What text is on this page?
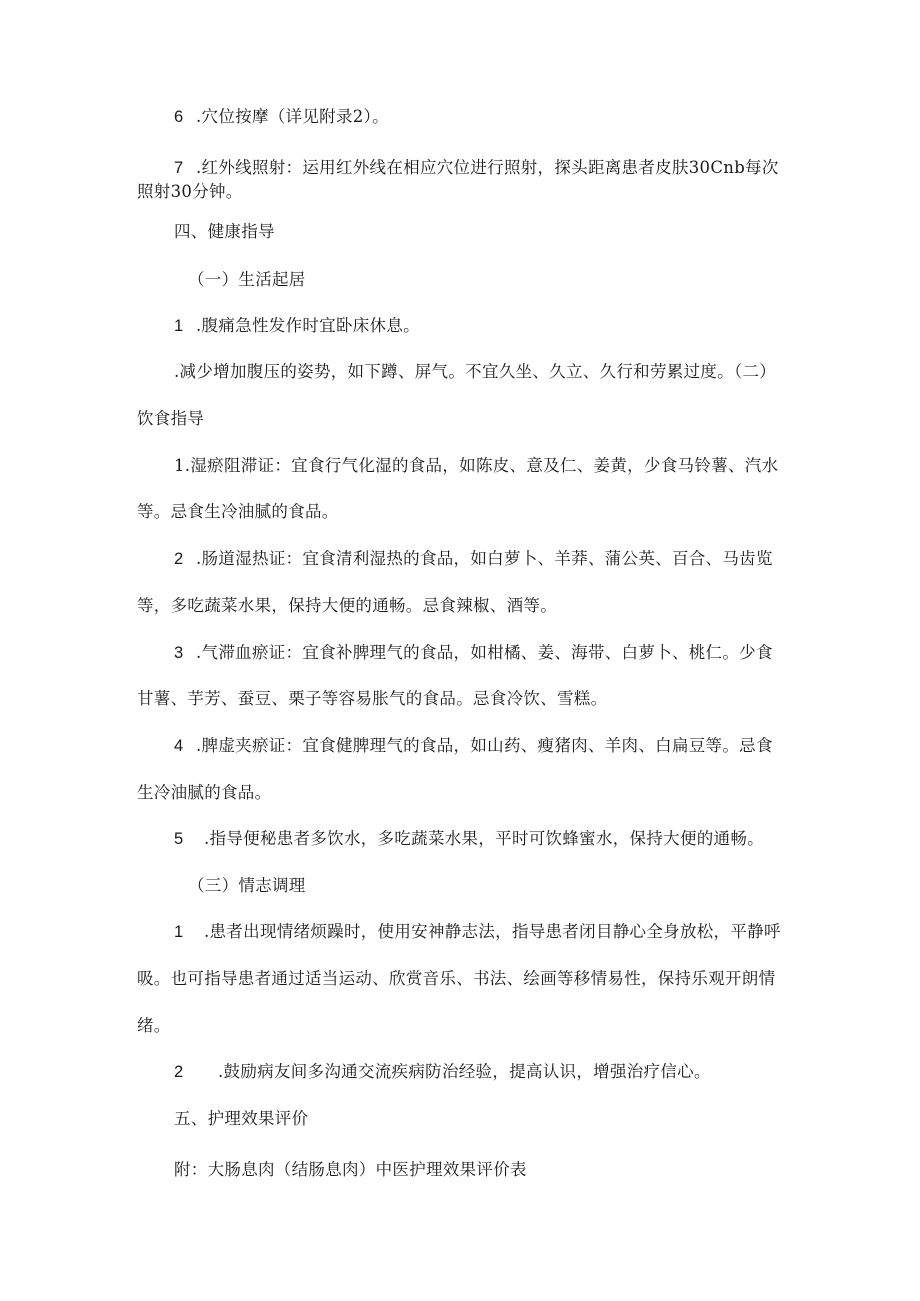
6 .穴位按摩（详见附录2）。
7 .红外线照射：运用红外线在相应穴位进行照射，探头距离患者皮肤30Cnb每次
照射30分钟。
四、健康指导
（一）生活起居
1 .腹痛急性发作时宜卧床休息。
.减少增加腹压的姿势，如下蹲、屏气。不宜久坐、久立、久行和劳累过度。（二）
饮食指导
1.湿瘀阻滞证：宜食行气化湿的食品，如陈皮、意及仁、姜黄，少食马铃薯、汽水
等。忌食生冷油腻的食品。
2 .肠道湿热证：宜食清利湿热的食品，如白萝卜、羊莽、蒲公英、百合、马齿览
等，多吃蔬菜水果，保持大便的通畅。忌食辣椒、酒等。
3 .气滞血瘀证：宜食补脾理气的食品，如柑橘、姜、海带、白萝卜、桃仁。少食
甘薯、芋芳、蚕豆、栗子等容易胀气的食品。忌食冷饮、雪糕。
4 .脾虚夹瘀证：宜食健脾理气的食品，如山药、瘦猪肉、羊肉、白扁豆等。忌食
生冷油腻的食品。
5 .指导便秘患者多饮水，多吃蔬菜水果，平时可饮蜂蜜水，保持大便的通畅。
（三）情志调理
1 .患者出现情绪烦躁时，使用安神静志法，指导患者闭目静心全身放松，平静呼
吸。也可指导患者通过适当运动、欣赏音乐、书法、绘画等移情易性，保持乐观开朗情
绪。
2 .鼓励病友间多沟通交流疾病防治经验，提高认识，增强治疗信心。
五、护理效果评价
附：大肠息肉（结肠息肉）中医护理效果评价表
